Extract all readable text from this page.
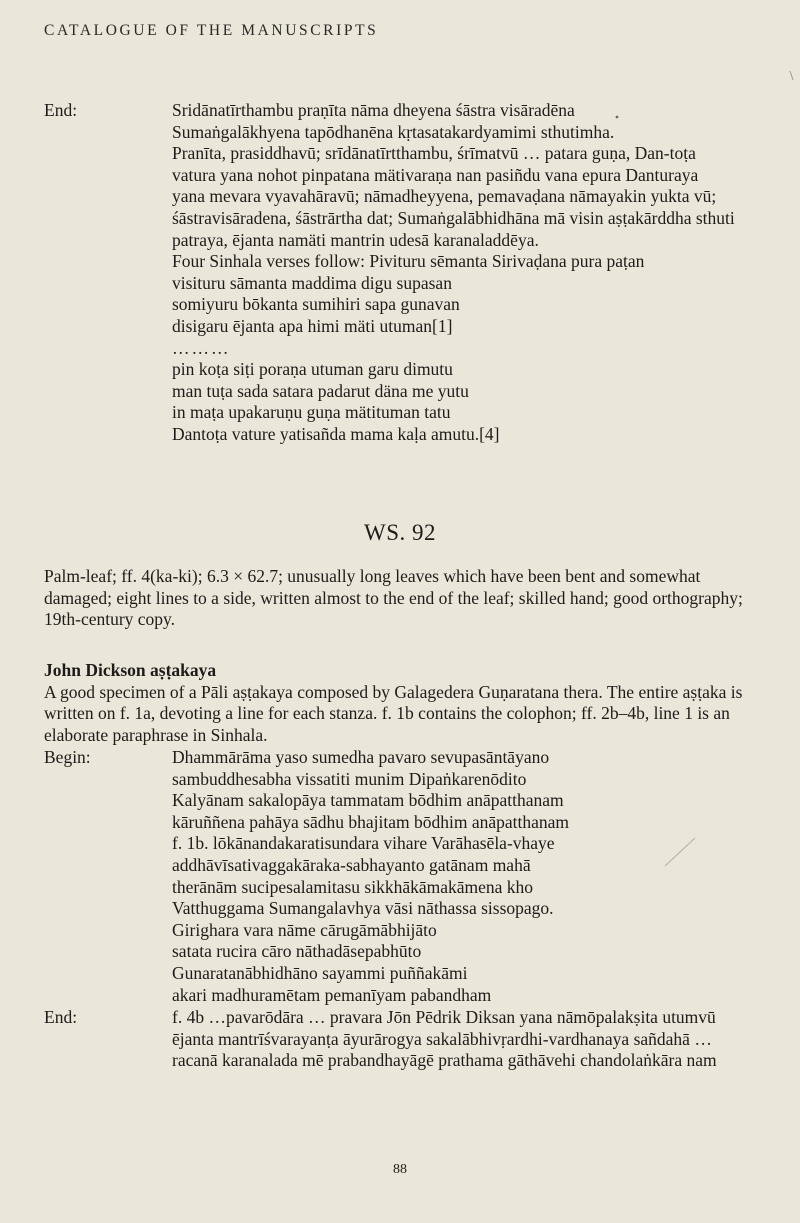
CATALOGUE OF THE MANUSCRIPTS
End:	Sridānatīrthambu praṇīta nāma dheyena śāstra visāradēna

Sumaṅgalākhyena tapōdhanēna kṛtasatakardyamimi sthutimha.

Pranīta, prasiddhavū; srīdānatīrtthambu, śrīmatvū … patara guṇa, Dan-toṭa

vatura yana nohot pinpatana mätivaraṇa nan pasiñdu vana epura Danturaya

yana mevara vyavahāravū; nāmadheyyena, pemavaḍana nāmayakin yukta vū;

śāstravisāradena, śāstrārtha dat; Sumaṅgalābhidhāna mā visin aṣṭakārddha sthuti

patraya, ējanta namäti mantrin udesā karanaladdēya.

Four Sinhala verses follow: Pivituru sēmanta Sirivaḍana pura paṭan

visituru sāmanta maddima digu supasan

somiyuru bōkanta sumihiri sapa gunavan

disigaru ējanta apa himi mäti utuman[1]

………

pin koṭa siṭi poraṇa utuman garu dimutu

man tuṭa sada satara padarut däna me yutu

in maṭa upakaruṇu guṇa mätituman tatu

Dantoṭa vature yatisañda mama kaḷa amutu.[4]

WS. 92

Palm-leaf; ff. 4(ka-ki); 6.3 × 62.7; unusually long leaves which have been bent and somewhat damaged; eight lines to a side, written almost to the end of the leaf; skilled hand; good orthography; 19th-century copy.

John Dickson aṣṭakaya

A good specimen of a Pāli aṣṭakaya composed by Galagedera Guṇaratana thera. The entire aṣṭaka is written on f. 1a, devoting a line for each stanza. f. 1b contains the colophon; ff. 2b–4b, line 1 is an elaborate paraphrase in Sinhala.

Begin:	Dhammārāma yaso sumedha pavaro sevupasāntāyano

sambuddhesabha vissatiti munim Dipaṅkarenōdito

Kalyānam sakalopāya tammatam bōdhim anāpatthanam

kāruññena pahāya sādhu bhajitam bōdhim anāpatthanam

f. 1b. lōkānandakaratisundara vihare Varāhasēla-vhaye

addhāvīsativaggakāraka-sabhayanto gatānam mahā

therānām sucipesalamitasu sikkhākāmakāmena kho

Vatthuggama Sumangalavhya vāsi nāthassa sissopago.

Girighara vara nāme cārugāmābhijāto

satata rucira cāro nāthadāsepabhūto

Gunaratanābhidhāno sayammi puññakāmi

akari madhuramētam pemanīyam pabandham

End:	f. 4b …pavarōdāra … pravara Jōn Pēdrik Diksan yana nāmōpalakṣita utumvū

ējanta mantrīśvarayanṭa āyurārogya sakalābhivṛardhi-vardhanaya sañdahā …

racanā karanalada mē prabandhayāgē prathama gāthāvehi chandolaṅkāra nam

88
